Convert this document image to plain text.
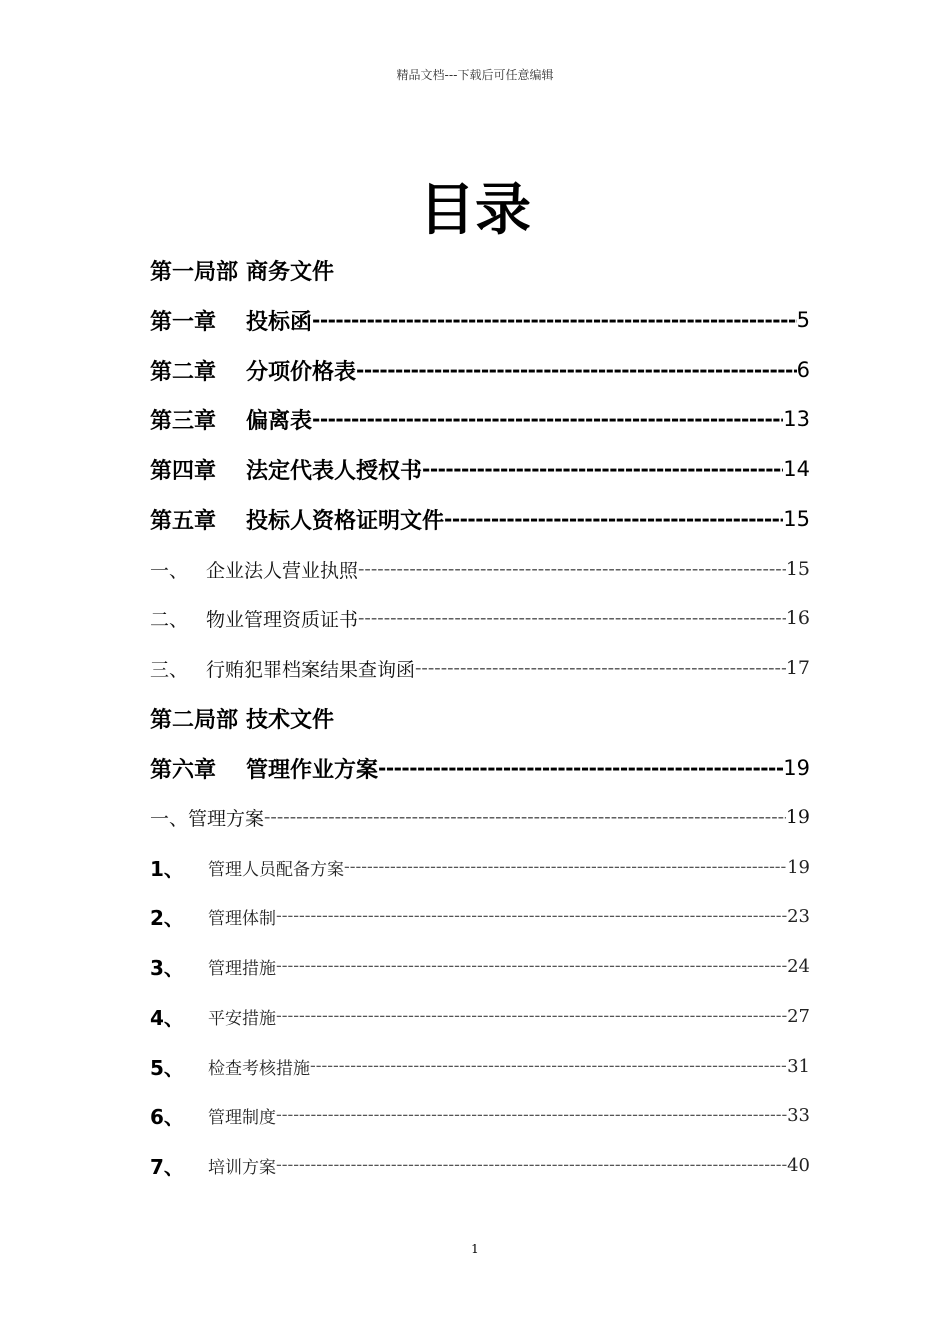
精品文档---下载后可任意编辑
目录
第一局部 商务文件
第一章	投标函 -----	5
第二章	分项价格表 -----	6
第三章	偏离表 -----	13
第四章	法定代表人授权书 -----	14
第五章	投标人资格证明文件 -----	15
一、 企业法人营业执照 -----	15
二、 物业管理资质证书 -----	16
三、 行贿犯罪档案结果查询函 -----	17
第二局部 技术文件
第六章	管理作业方案 -----	19
一、管理方案 -----	19
1、	管理人员配备方案 -----	19
2、	管理体制 -----	23
3、	管理措施 -----	24
4、	平安措施 -----	27
5、	检查考核措施 -----	31
6、	管理制度 -----	33
7、	培训方案 -----	40
1
